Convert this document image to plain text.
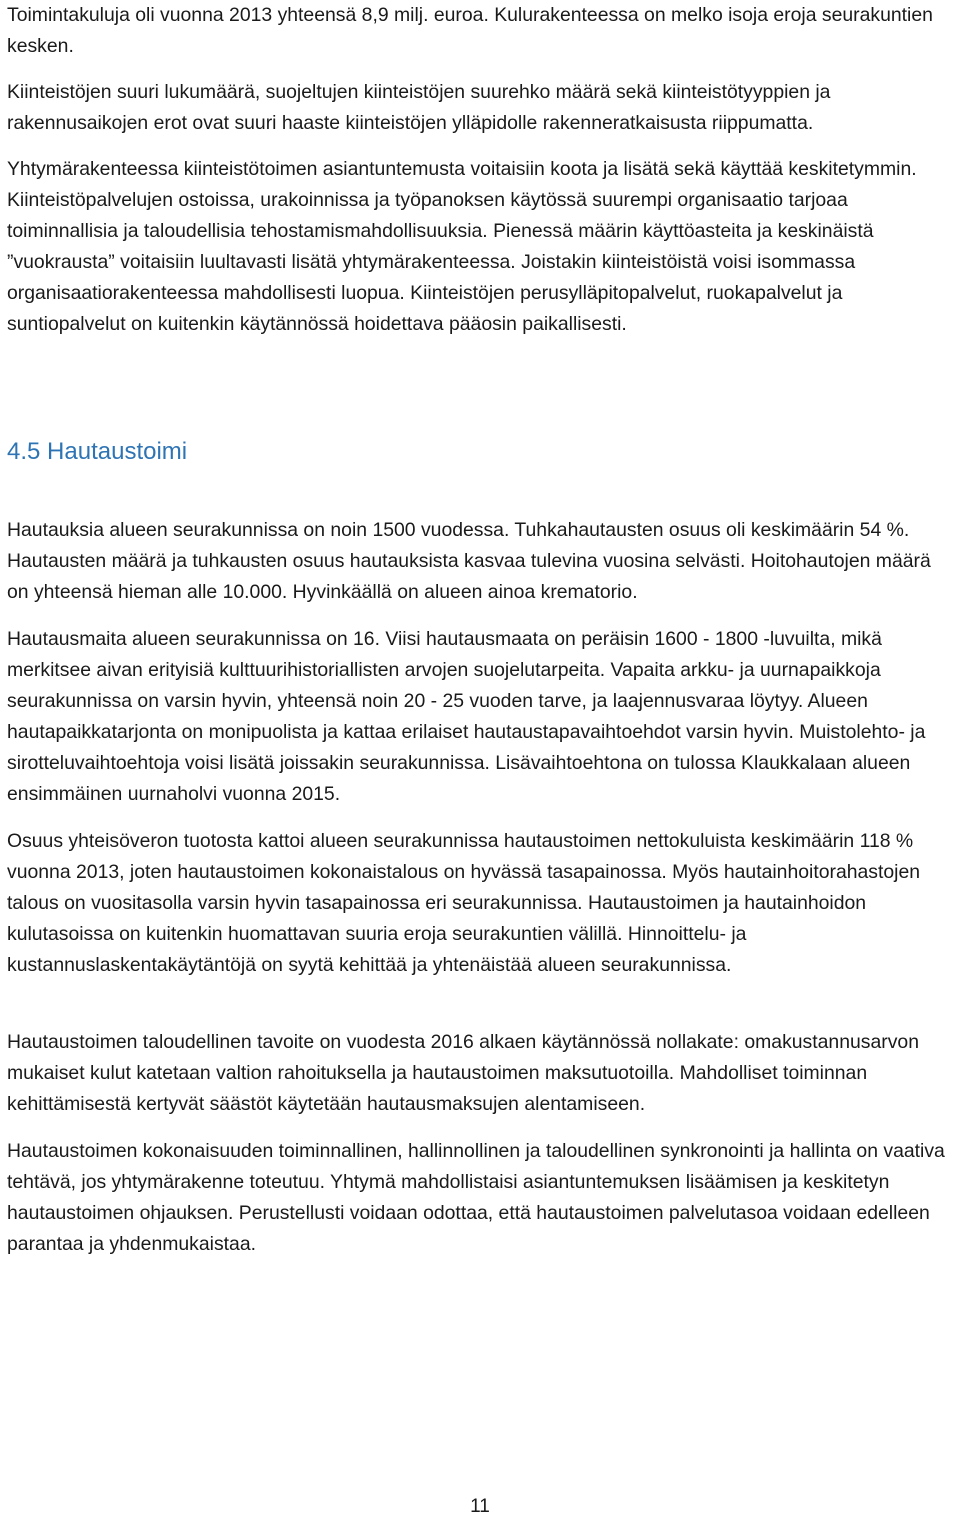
Toimintakuluja oli vuonna 2013 yhteensä 8,9 milj. euroa. Kulurakenteessa on melko isoja eroja seurakuntien kesken.
Kiinteistöjen suuri lukumäärä, suojeltujen kiinteistöjen suurehko määrä sekä kiinteistötyyppien ja rakennusaikojen erot ovat suuri haaste kiinteistöjen ylläpidolle rakenneratkaisusta riippumatta.
Yhtymärakenteessa kiinteistötoimen asiantuntemusta voitaisiin koota ja lisätä sekä käyttää keskitetymmin. Kiinteistöpalvelujen ostoissa, urakoinnissa ja työpanoksen käytössä suurempi organisaatio tarjoaa toiminnallisia ja taloudellisia tehostamismahdollisuuksia. Pienessä määrin käyttöasteita ja keskinäistä ”vuokrausta” voitaisiin luultavasti lisätä yhtymärakenteessa. Joistakin kiinteistöistä voisi isommassa organisaatiorakenteessa mahdollisesti luopua. Kiinteistöjen perusylläpitopalvelut, ruokapalvelut ja suntiopalvelut on kuitenkin käytännössä hoidettava pääosin paikallisesti.
4.5 Hautaustoimi
Hautauksia alueen seurakunnissa on noin 1500 vuodessa. Tuhkahautausten osuus oli keskimäärin 54 %. Hautausten määrä ja tuhkausten osuus hautauksista kasvaa tulevina vuosina selvästi. Hoitohautojen määrä on yhteensä hieman alle 10.000. Hyvinkäällä on alueen ainoa krematorio.
Hautausmaita alueen seurakunnissa on 16. Viisi hautausmaata on peräisin 1600 - 1800 -luvuilta, mikä merkitsee aivan erityisiä kulttuurihistoriallisten arvojen suojelutarpeita. Vapaita arkku- ja uurnapaikkoja seurakunnissa on varsin hyvin, yhteensä noin 20 - 25 vuoden tarve, ja laajennusvaraa löytyy. Alueen hautapaikkatarjonta on monipuolista ja kattaa erilaiset hautaustapavaihtoehdot varsin hyvin. Muistolehto- ja sirotteluvaihtoehtoja voisi lisätä joissakin seurakunnissa. Lisävaihtoehtona on tulossa Klaukkalaan alueen ensimmäinen uurnaholvi vuonna 2015.
Osuus yhteisöveron tuotosta kattoi alueen seurakunnissa hautaustoimen nettokuluista keskimäärin 118 % vuonna 2013, joten hautaustoimen kokonaistalous on hyvässä tasapainossa. Myös hautainhoitorahastojen talous on vuositasolla varsin hyvin tasapainossa eri seurakunnissa. Hautaustoimen ja hautainhoidon kulutasoissa on kuitenkin huomattavan suuria eroja seurakuntien välillä. Hinnoittelu- ja kustannuslaskentakäytäntöjä on syytä kehittää ja yhtenäistää alueen seurakunnissa.
Hautaustoimen taloudellinen tavoite on vuodesta 2016 alkaen käytännössä nollakate: omakustannusarvon mukaiset kulut katetaan valtion rahoituksella ja hautaustoimen maksutuotoilla. Mahdolliset toiminnan kehittämisestä kertyvät säästöt käytetään hautausmaksujen alentamiseen.
Hautaustoimen kokonaisuuden toiminnallinen, hallinnollinen ja taloudellinen synkronointi ja hallinta on vaativa tehtävä, jos yhtymärakenne toteutuu. Yhtymä mahdollistaisi asiantuntemuksen lisäämisen ja keskitetyn hautaustoimen ohjauksen. Perustellusti voidaan odottaa, että hautaustoimen palvelutasoa voidaan edelleen parantaa ja yhdenmukaistaa.
11
